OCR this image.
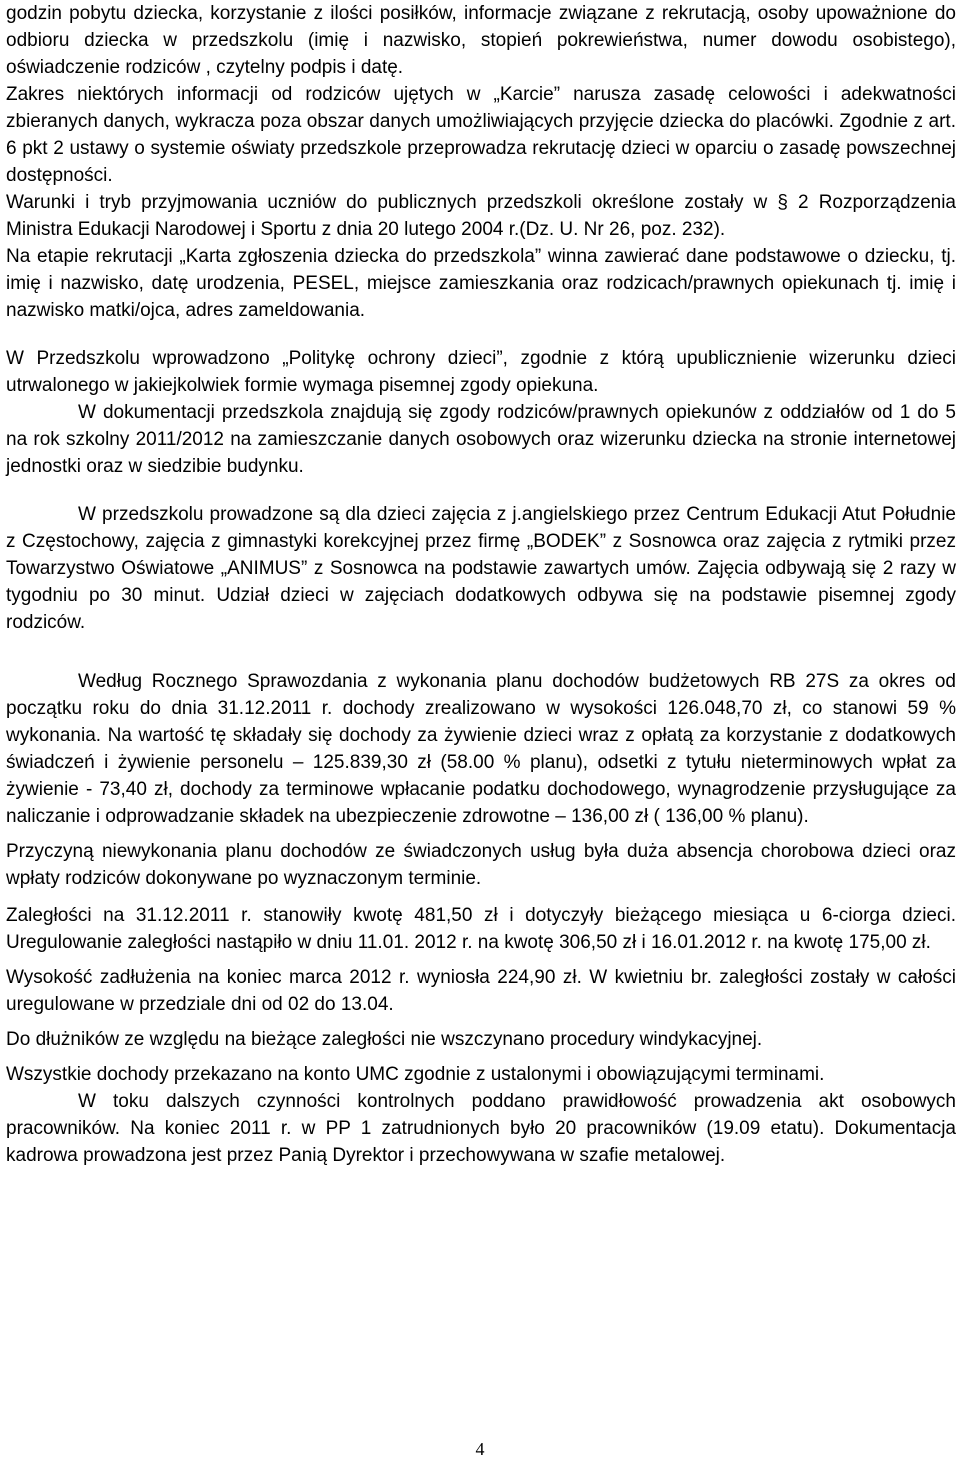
godzin pobytu dziecka, korzystanie z ilości posiłków, informacje związane z rekrutacją, osoby upoważnione do odbioru dziecka w przedszkolu (imię i nazwisko, stopień pokrewieństwa, numer dowodu osobistego), oświadczenie rodziców , czytelny podpis i datę.

Zakres niektórych informacji od rodziców ujętych w „Karcie” narusza zasadę celowości i adekwatności zbieranych danych, wykracza poza obszar danych umożliwiających przyjęcie dziecka do placówki. Zgodnie z art. 6 pkt 2 ustawy o systemie oświaty przedszkole przeprowadza rekrutację dzieci w oparciu o zasadę powszechnej dostępności.

Warunki i tryb przyjmowania uczniów do publicznych przedszkoli określone zostały w § 2 Rozporządzenia Ministra Edukacji Narodowej i Sportu z dnia 20 lutego 2004 r.(Dz. U. Nr 26, poz. 232).

Na etapie rekrutacji „Karta zgłoszenia dziecka do przedszkola” winna zawierać dane podstawowe o dziecku, tj. imię i nazwisko, datę urodzenia, PESEL, miejsce zamieszkania oraz rodzicach/prawnych opiekunach tj. imię i nazwisko matki/ojca, adres zameldowania.

W Przedszkolu wprowadzono „Politykę ochrony dzieci”, zgodnie z którą upublicznienie wizerunku dzieci utrwalonego w jakiejkolwiek formie wymaga pisemnej zgody opiekuna.

W dokumentacji przedszkola znajdują się zgody rodziców/prawnych opiekunów z oddziałów od 1 do 5 na rok szkolny 2011/2012 na zamieszczanie danych osobowych oraz wizerunku dziecka na stronie internetowej jednostki oraz w siedzibie budynku.

W przedszkolu prowadzone są dla dzieci zajęcia z j.angielskiego przez Centrum Edukacji Atut Południe z Częstochowy, zajęcia z gimnastyki korekcyjnej przez firmę „BODEK” z Sosnowca oraz zajęcia z rytmiki przez Towarzystwo Oświatowe „ANIMUS” z Sosnowca na podstawie zawartych umów. Zajęcia odbywają się 2 razy w tygodniu po 30 minut. Udział dzieci w zajęciach dodatkowych odbywa się na podstawie pisemnej zgody rodziców.

Według Rocznego Sprawozdania z wykonania planu dochodów budżetowych RB 27S za okres od początku roku do dnia 31.12.2011 r. dochody zrealizowano w wysokości 126.048,70 zł, co stanowi 59 % wykonania. Na wartość tę składały się dochody za żywienie dzieci wraz z opłatą za korzystanie z dodatkowych świadczeń i żywienie personelu – 125.839,30 zł (58.00 % planu), odsetki z tytułu nieterminowych wpłat za żywienie - 73,40 zł, dochody za terminowe wpłacanie podatku dochodowego, wynagrodzenie przysługujące za naliczanie i odprowadzanie składek na ubezpieczenie zdrowotne – 136,00 zł ( 136,00 % planu).

Przyczyną niewykonania planu dochodów ze świadczonych usług była duża absencja chorobowa dzieci oraz wpłaty rodziców dokonywane po wyznaczonym terminie.

Zaległości na 31.12.2011 r. stanowiły kwotę 481,50 zł i dotyczyły bieżącego miesiąca u 6-ciorga dzieci. Uregulowanie zaległości nastąpiło w dniu 11.01. 2012 r. na kwotę 306,50 zł i 16.01.2012 r. na kwotę 175,00 zł.

Wysokość zadłużenia na koniec marca 2012 r. wyniosła 224,90 zł. W kwietniu br. zaległości zostały w całości uregulowane w przedziale dni od 02 do 13.04.

Do dłużników ze względu na bieżące zaległości nie wszczynano procedury windykacyjnej.

Wszystkie dochody przekazano na konto UMC zgodnie z ustalonymi i obowiązującymi terminami.

W toku dalszych czynności kontrolnych poddano prawidłowość prowadzenia akt osobowych pracowników. Na koniec 2011 r. w PP 1 zatrudnionych było 20 pracowników (19.09 etatu). Dokumentacja kadrowa prowadzona jest przez Panią Dyrektor i przechowywana w szafie metalowej.

4
